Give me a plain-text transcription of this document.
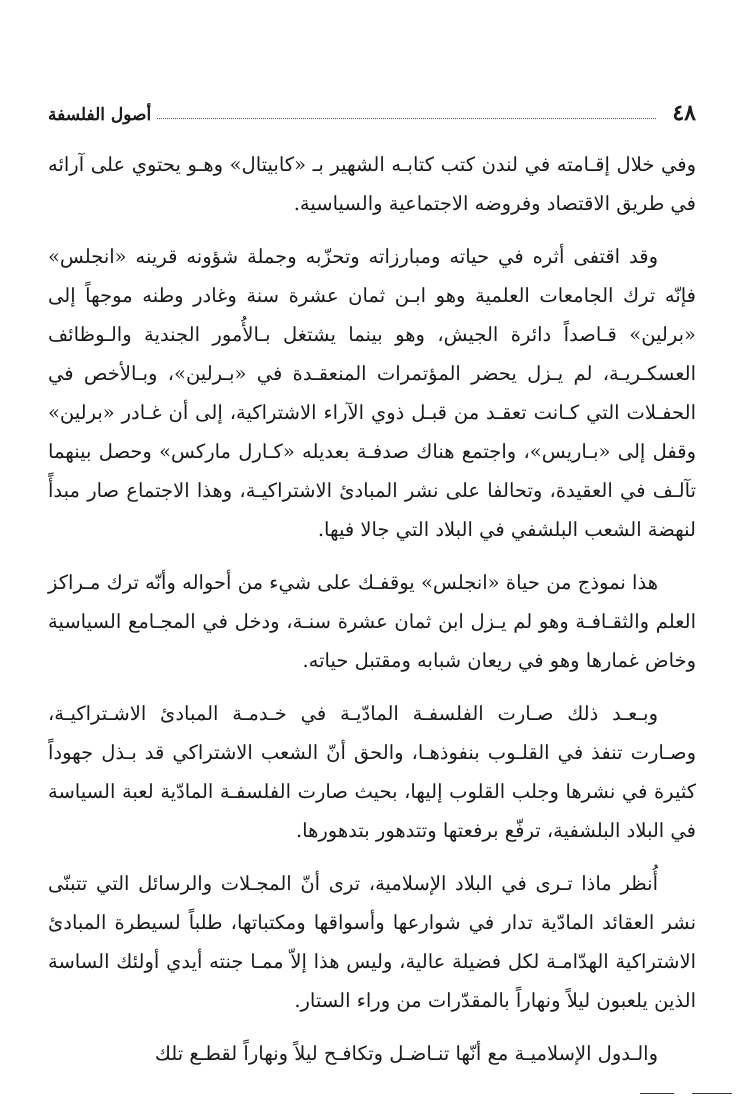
٤٨
أصول الفلسفة

وفي خلال إقـامته في لندن كتب كتابـه الشهير بـ «كابيتال» وهـو يحتوي على آرائه في طريق الاقتصاد وفروضه الاجتماعية والسياسية.

وقد اقتفى أثره في حياته ومبارزاته وتحزّبه وجملة شؤونه قرينه «انجلس» فإنّه ترك الجامعات العلمية وهو ابـن ثمان عشرة سنة وغادر وطنه موجهاً إلى «برلين» قـاصداً دائرة الجيش، وهو بينما يشتغل بـالأُمور الجندية والـوظائف العسكـريـة، لم يـزل يحضر المؤتمرات المنعقـدة في «بـرلين»، وبـالأخص في الحفـلات التي كـانت تعقـد من قبـل ذوي الآراء الاشتراكية، إلى أن غـادر «برلين» وقفل إلى «بـاريس»، واجتمع هناك صدفـة بعديله «كـارل ماركس» وحصل بينهما تآلـف في العقيدة، وتحالفا على نشر المبادئ الاشتراكيـة، وهذا الاجتماع صار مبدأً لنهضة الشعب البلشفي في البلاد التي جالا فيها.

هذا نموذج من حياة «انجلس» يوقفـك على شيء من أحواله وأنّه ترك مـراكز العلم والثقـافـة وهو لم يـزل ابن ثمان عشرة سنـة، ودخل في المجـامع السياسية وخاض غمارها وهو في ريعان شبابه ومقتبل حياته.

وبـعـد ذلك صـارت الفلسفـة المادّيـة في خـدمـة المبادئ الاشـتراكيـة، وصـارت تنفذ في القلـوب بنفوذهـا، والحق أنّ الشعب الاشتراكي قد بـذل جهوداً كثيرة في نشرها وجلب القلوب إليها، بحيث صارت الفلسفـة المادّية لعبة السياسة في البلاد البلشفية، ترفّع برفعتها وتتدهور بتدهورها.

أُنظر ماذا تـرى في البلاد الإسلامية، ترى أنّ المجـلات والرسائل التي تتبنّى نشر العقائد المادّية تدار في شوارعها وأسواقها ومكتباتها، طلباً لسيطرة المبادئ الاشتراكية الهدّامـة لكل فضيلة عالية، وليس هذا إلاّ ممـا جنته أيدي أولئك الساسة الذين يلعبون ليلاً ونهاراً بالمقدّرات من وراء الستار.

والـدول الإسلاميـة مع أنّها تنـاضـل وتكافـح ليلاً ونهاراً لقطـع تلك
